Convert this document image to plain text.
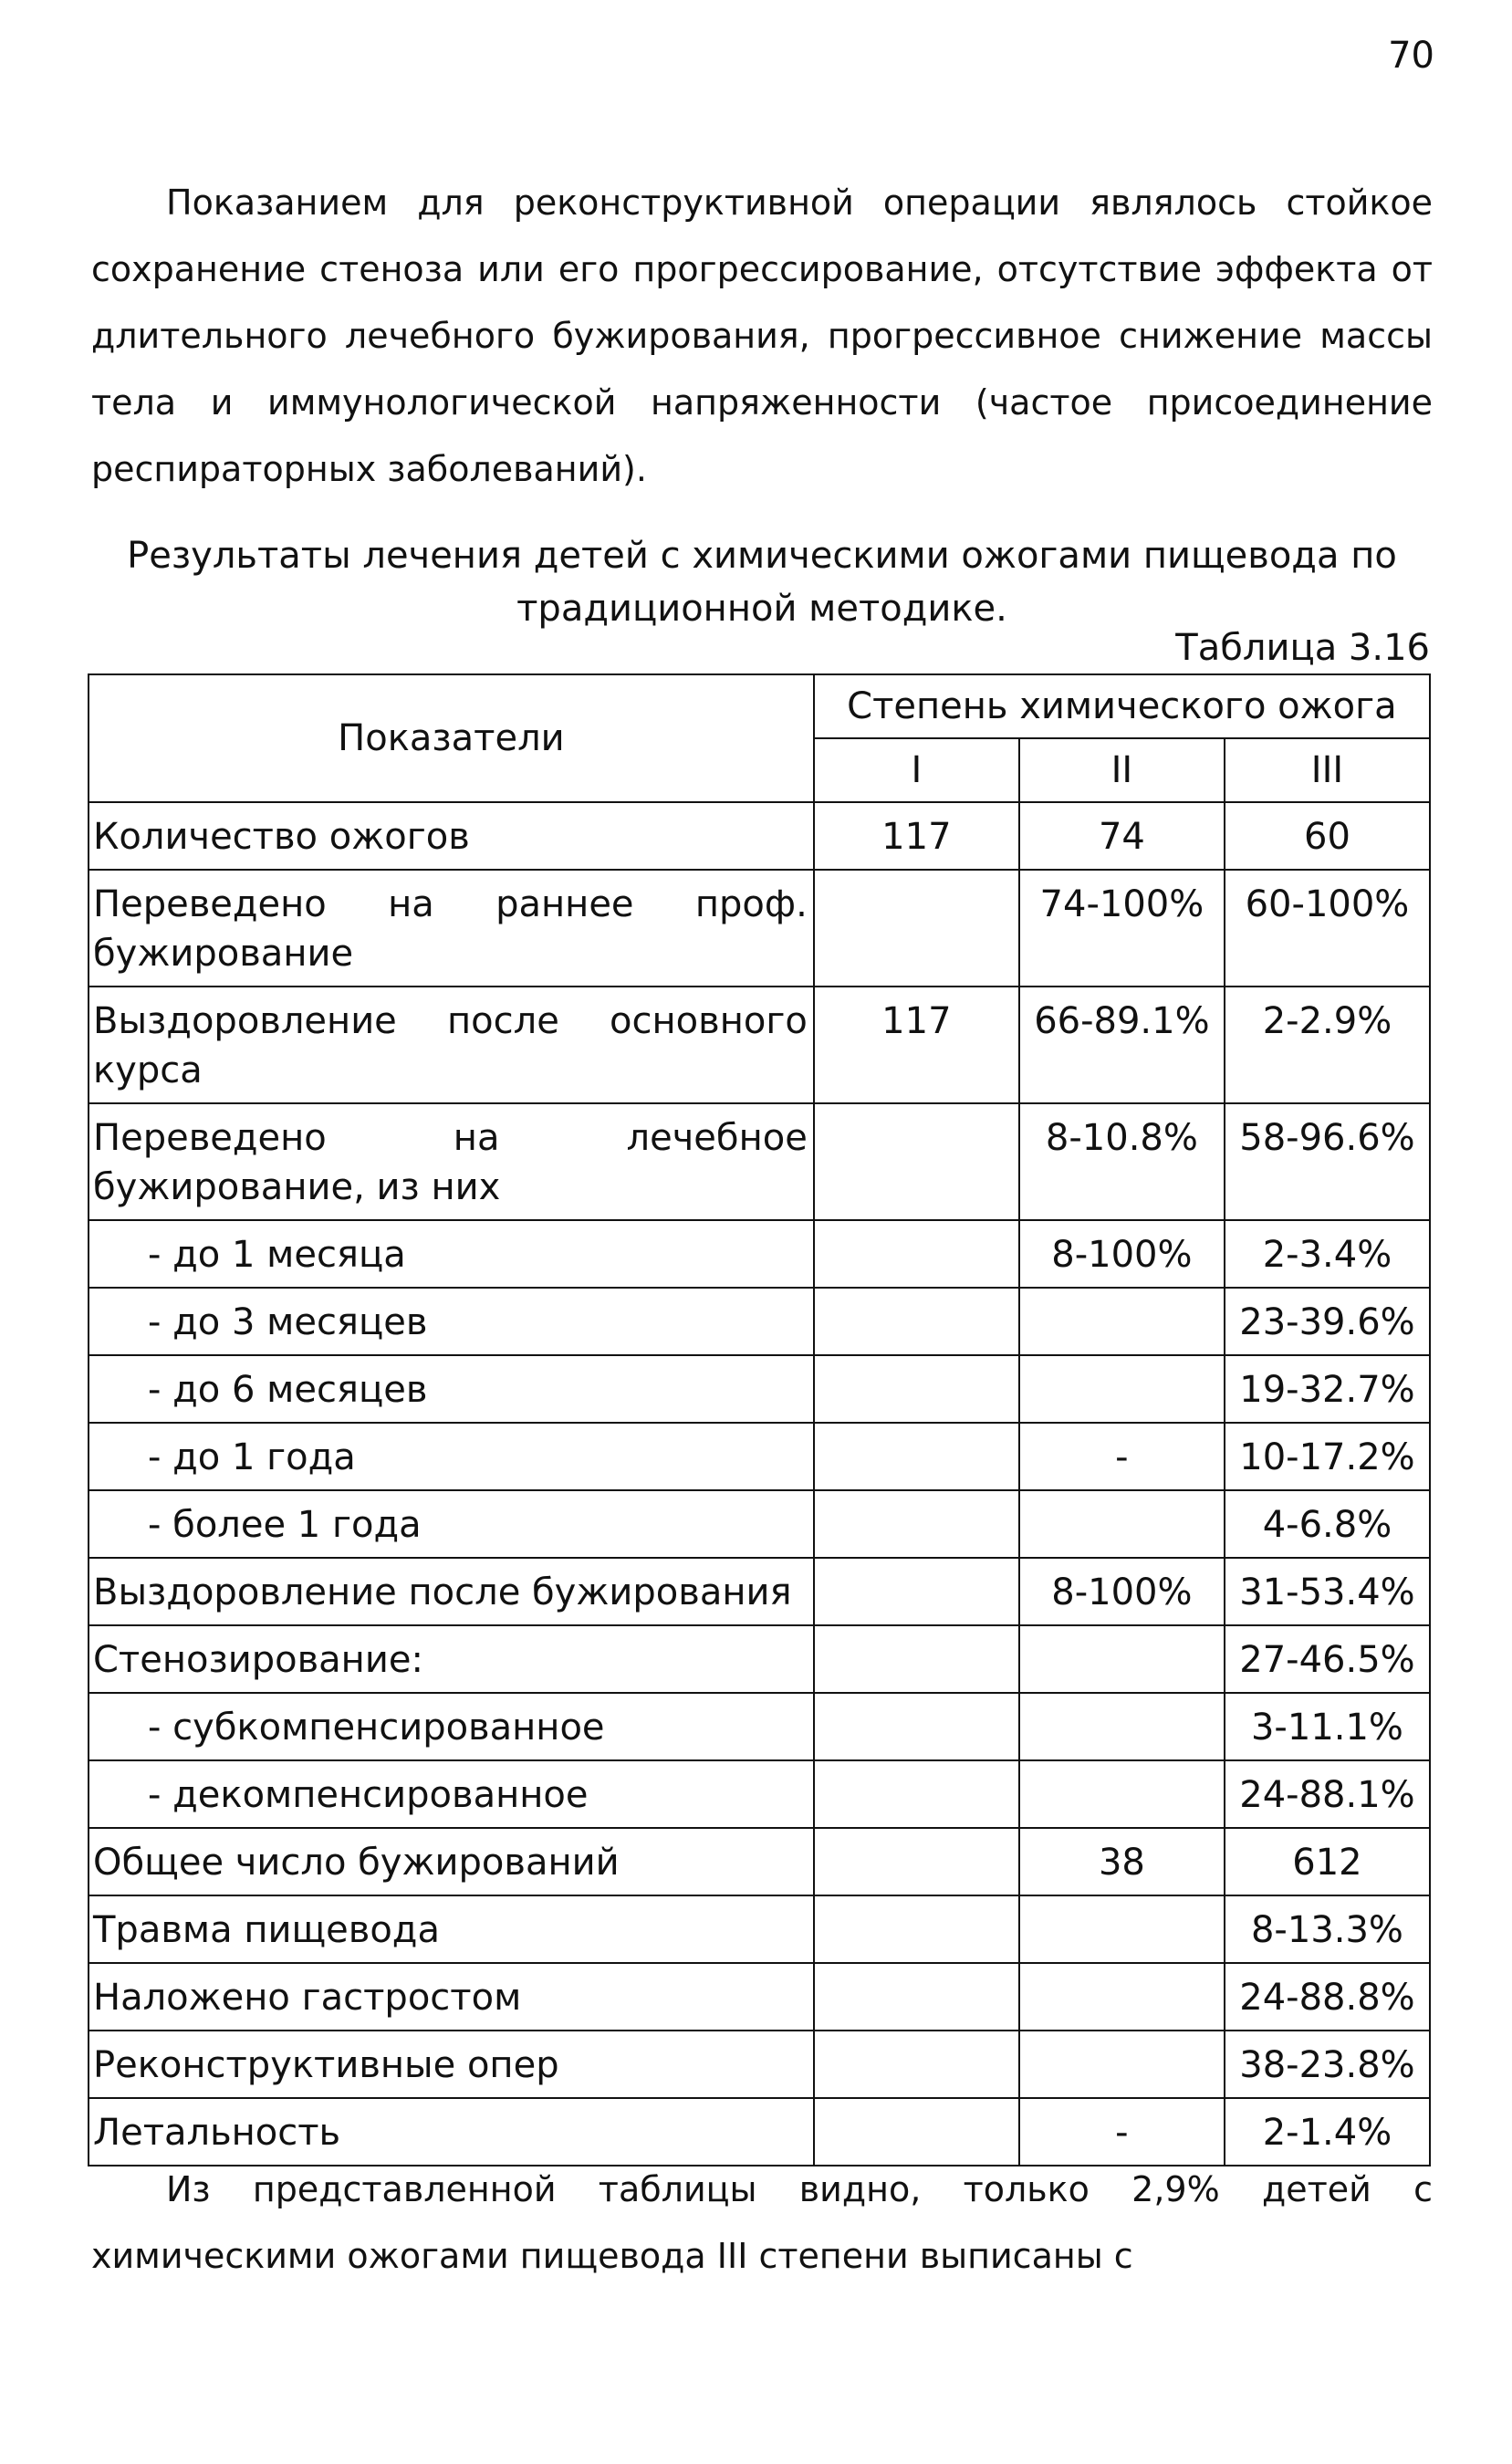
70

Показанием для реконструктивной операции являлось стойкое сохранение стеноза или его прогрессирование, отсутствие эффекта от длительного лечебного бужирования, прогрессивное снижение массы тела и иммунологической напряженности (частое присоединение респираторных заболеваний).

Результаты лечения детей с химическими ожогами пищевода по традиционной методике.
Таблица 3.16
Показатели	Степень химического ожога		
	I	II	III
Количество ожогов	117	74	60
Переведено на раннее проф. бужирование		74-100%	60-100%
Выздоровление после основного курса	117	66-89.1%	2-2.9%
Переведено на лечебное бужирование, из них		8-10.8%	58-96.6%
- до 1 месяца		8-100%	2-3.4%
- до 3 месяцев			23-39.6%
- до 6 месяцев			19-32.7%
- до 1 года		-	10-17.2%
- более 1 года			4-6.8%
Выздоровление после бужирования		8-100%	31-53.4%
Стенозирование:			27-46.5%
- субкомпенсированное			3-11.1%
- декомпенсированное			24-88.1%
Общее число бужирований		38	612
Травма пищевода			8-13.3%
Наложено гастростом			24-88.8%
Реконструктивные опер			38-23.8%
Летальность		-	2-1.4%

Из представленной таблицы видно, только 2,9% детей с химическими ожогами пищевода III степени выписаны с
